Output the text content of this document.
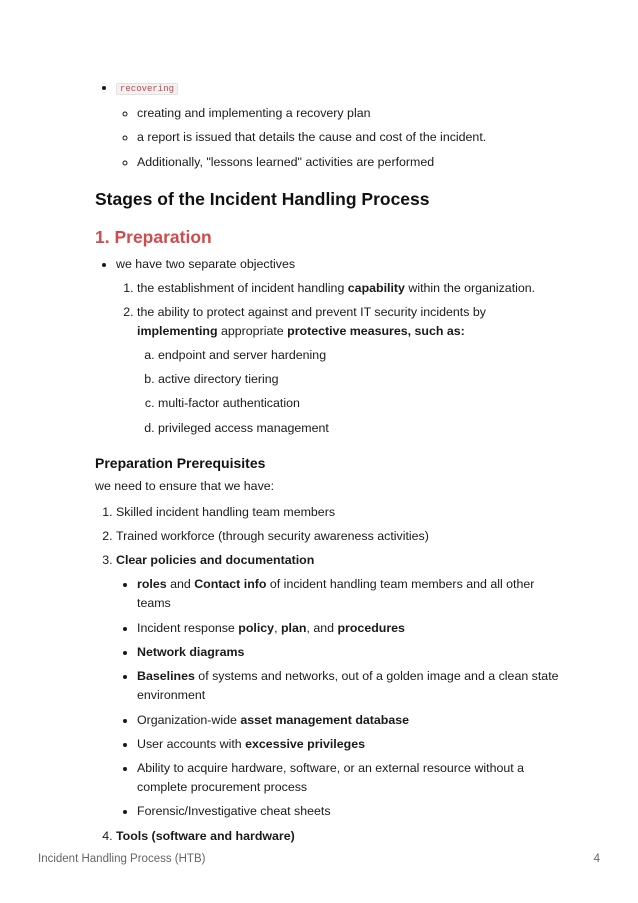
• recovering
◦ creating and implementing a recovery plan
◦ a report is issued that details the cause and cost of the incident.
◦ Additionally, "lessons learned" activities are performed
Stages of the Incident Handling Process
1. Preparation
• we have two separate objectives
1. the establishment of incident handling capability within the organization.
2. the ability to protect against and prevent IT security incidents by implementing appropriate protective measures, such as:
a. endpoint and server hardening
b. active directory tiering
c. multi-factor authentication
d. privileged access management
Preparation Prerequisites

we need to ensure that we have:

1. Skilled incident handling team members
2. Trained workforce (through security awareness activities)
3. Clear policies and documentation
• roles and Contact info of incident handling team members and all other teams
• Incident response policy, plan, and procedures
• Network diagrams
• Baselines of systems and networks, out of a golden image and a clean state environment
• Organization-wide asset management database
• User accounts with excessive privileges
• Ability to acquire hardware, software, or an external resource without a complete procurement process
• Forensic/Investigative cheat sheets
4. Tools (software and hardware)
Incident Handling Process (HTB)	4
